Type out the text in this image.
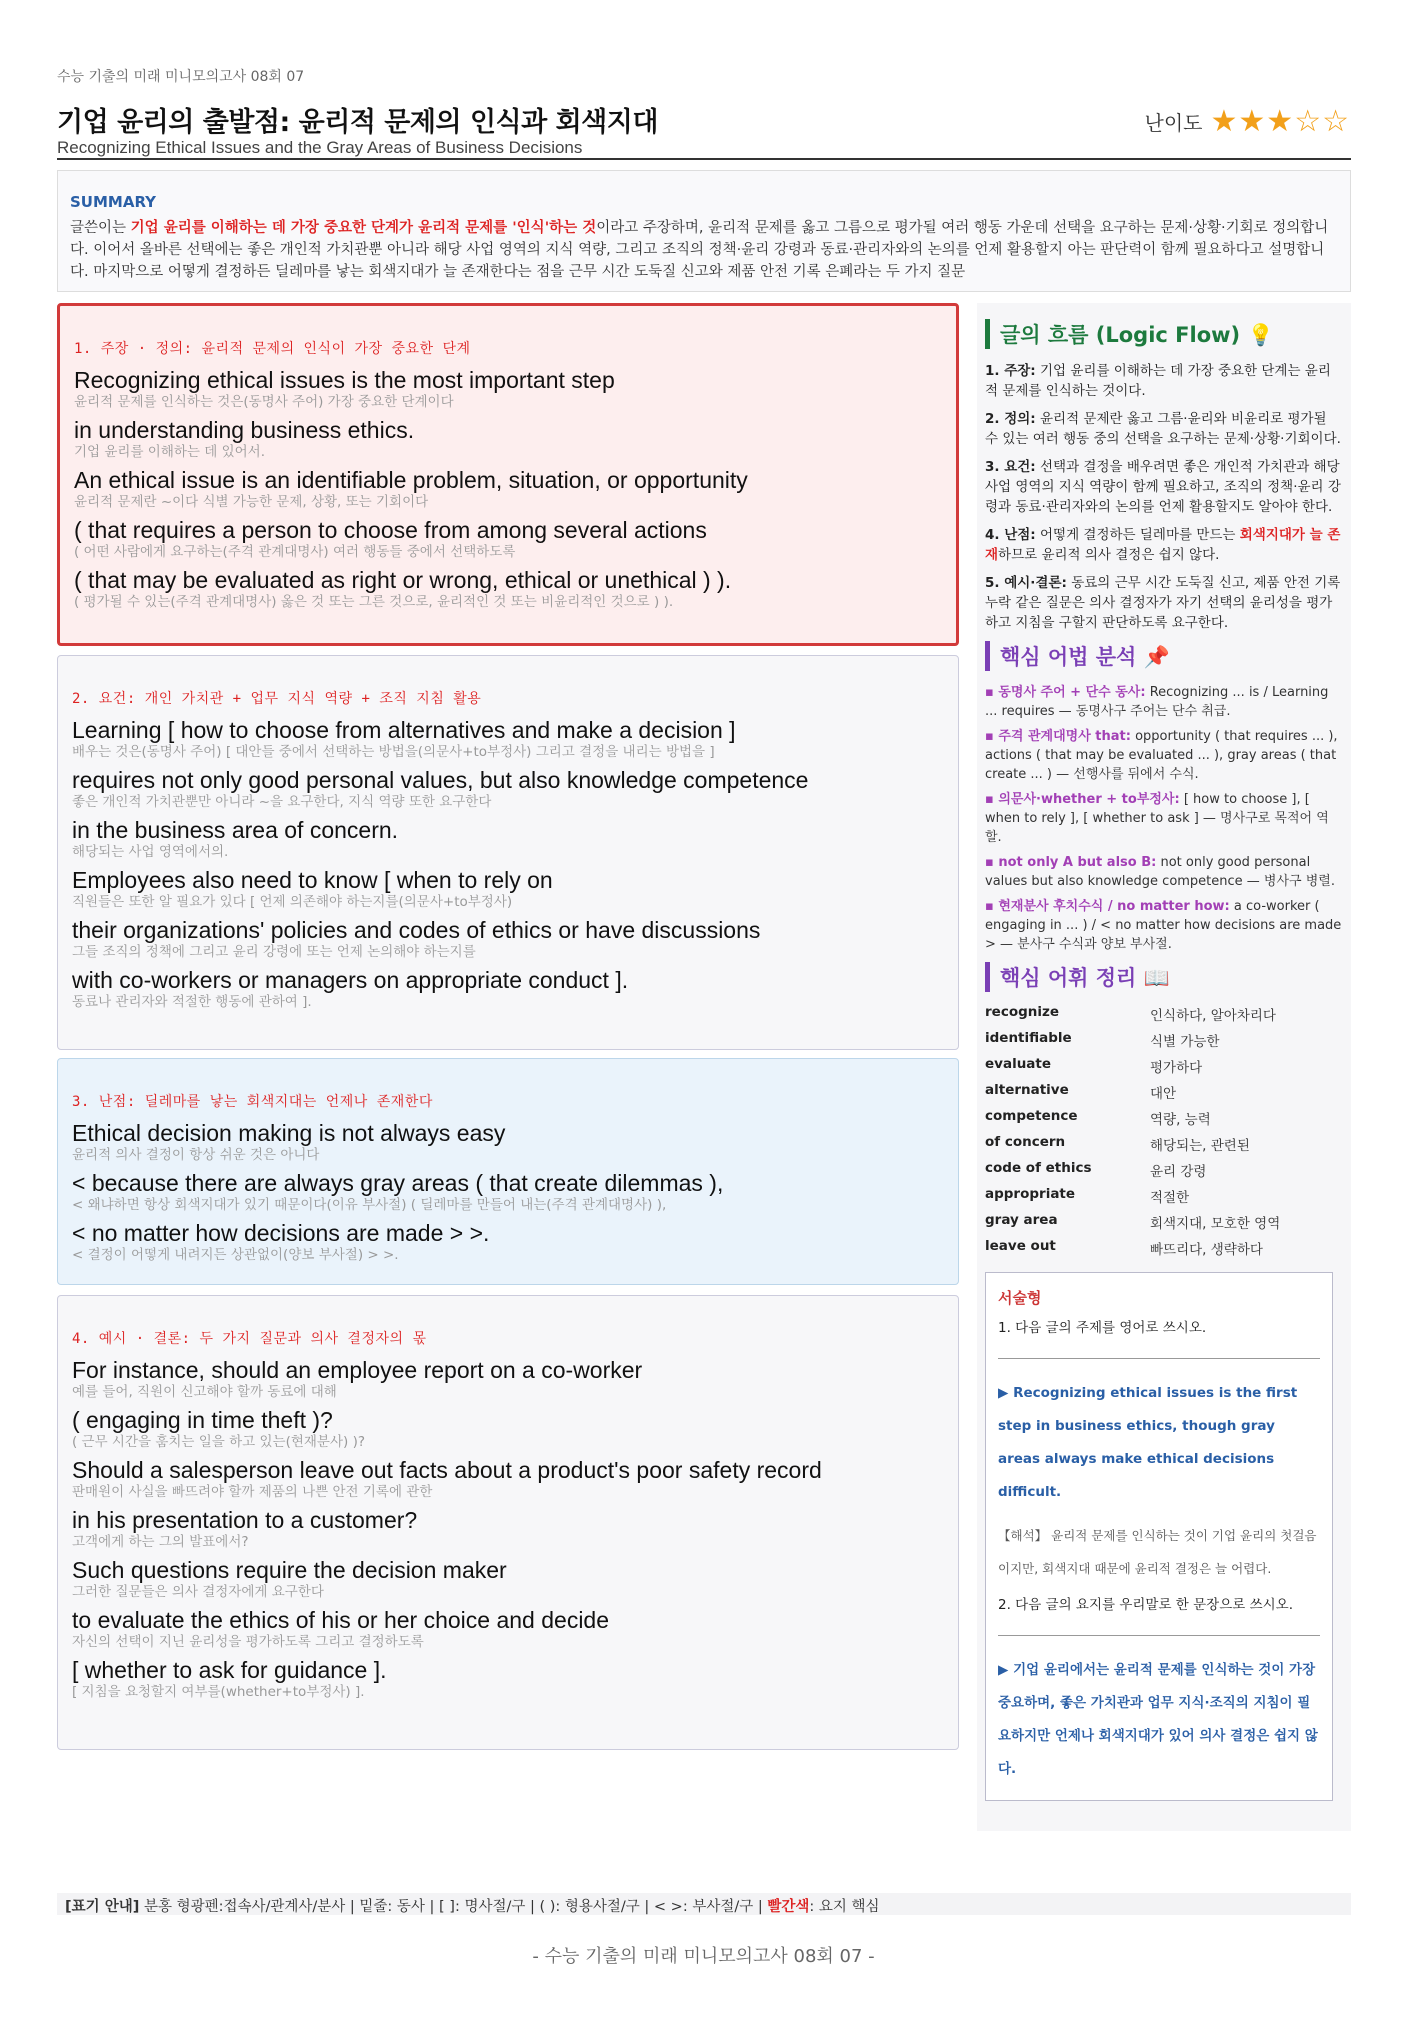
수능 기출의 미래 미니모의고사 08회 07
기업 윤리의 출발점: 윤리적 문제의 인식과 회색지대
Recognizing Ethical Issues and the Gray Areas of Business Decisions
난이도 ★★★☆☆
SUMMARY
글쓴이는 기업 윤리를 이해하는 데 가장 중요한 단계가 윤리적 문제를 '인식'하는 것이라고 주장하며, 윤리적 문제를 옳고 그름으로 평가될 여러 행동 가운데 선택을 요구하는 문제·상황·기회로 정의합니다. 이어서 올바른 선택에는 좋은 개인적 가치관뿐 아니라 해당 사업 영역의 지식 역량, 그리고 조직의 정책·윤리 강령과 동료·관리자와의 논의를 언제 활용할지 아는 판단력이 함께 필요하다고 설명합니다. 마지막으로 어떻게 결정하든 딜레마를 낳는 회색지대가 늘 존재한다는 점을 근무 시간 도둑질 신고와 제품 안전 기록 은폐라는 두 가지 질문
1. 주장 · 정의: 윤리적 문제의 인식이 가장 중요한 단계
Recognizing ethical issues is the most important step
윤리적 문제를 인식하는 것은(동명사 주어) 가장 중요한 단계이다
in understanding business ethics.
기업 윤리를 이해하는 데 있어서.
An ethical issue is an identifiable problem, situation, or opportunity
윤리적 문제란 ~이다 식별 가능한 문제, 상황, 또는 기회이다
( that requires a person to choose from among several actions
( 어떤 사람에게 요구하는(주격 관계대명사) 여러 행동들 중에서 선택하도록
( that may be evaluated as right or wrong, ethical or unethical ) ).
( 평가될 수 있는(주격 관계대명사) 옳은 것 또는 그른 것으로, 윤리적인 것 또는 비윤리적인 것으로 ) ).
2. 요건: 개인 가치관 + 업무 지식 역량 + 조직 지침 활용
Learning [ how to choose from alternatives and make a decision ]
배우는 것은(동명사 주어) [ 대안들 중에서 선택하는 방법을(의문사+to부정사) 그리고 결정을 내리는 방법을 ]
requires not only good personal values, but also knowledge competence
좋은 개인적 가치관뿐만 아니라 ~을 요구한다, 지식 역량 또한 요구한다
in the business area of concern.
해당되는 사업 영역에서의.
Employees also need to know [ when to rely on
직원들은 또한 알 필요가 있다 [ 언제 의존해야 하는지를(의문사+to부정사)
their organizations' policies and codes of ethics or have discussions
그들 조직의 정책에 그리고 윤리 강령에 또는 언제 논의해야 하는지를
with co-workers or managers on appropriate conduct ].
동료나 관리자와 적절한 행동에 관하여 ].
3. 난점: 딜레마를 낳는 회색지대는 언제나 존재한다
Ethical decision making is not always easy
윤리적 의사 결정이 항상 쉬운 것은 아니다
< because there are always gray areas ( that create dilemmas ),
< 왜냐하면 항상 회색지대가 있기 때문이다(이유 부사절) ( 딜레마를 만들어 내는(주격 관계대명사) ),
< no matter how decisions are made > >.
< 결정이 어떻게 내려지든 상관없이(양보 부사절) > >.
4. 예시 · 결론: 두 가지 질문과 의사 결정자의 몫
For instance, should an employee report on a co-worker
예를 들어, 직원이 신고해야 할까 동료에 대해
( engaging in time theft )?
( 근무 시간을 훔치는 일을 하고 있는(현재분사) )?
Should a salesperson leave out facts about a product's poor safety record
판매원이 사실을 빠뜨려야 할까 제품의 나쁜 안전 기록에 관한
in his presentation to a customer?
고객에게 하는 그의 발표에서?
Such questions require the decision maker
그러한 질문들은 의사 결정자에게 요구한다
to evaluate the ethics of his or her choice and decide
자신의 선택이 지닌 윤리성을 평가하도록 그리고 결정하도록
[ whether to ask for guidance ].
[ 지침을 요청할지 여부를(whether+to부정사) ].
글의 흐름 (Logic Flow) 💡
1. 주장: 기업 윤리를 이해하는 데 가장 중요한 단계는 윤리적 문제를 인식하는 것이다.
2. 정의: 윤리적 문제란 옳고 그름·윤리와 비윤리로 평가될 수 있는 여러 행동 중의 선택을 요구하는 문제·상황·기회이다.
3. 요건: 선택과 결정을 배우려면 좋은 개인적 가치관과 해당 사업 영역의 지식 역량이 함께 필요하고, 조직의 정책·윤리 강령과 동료·관리자와의 논의를 언제 활용할지도 알아야 한다.
4. 난점: 어떻게 결정하든 딜레마를 만드는 회색지대가 늘 존재하므로 윤리적 의사 결정은 쉽지 않다.
5. 예시·결론: 동료의 근무 시간 도둑질 신고, 제품 안전 기록 누락 같은 질문은 의사 결정자가 자기 선택의 윤리성을 평가하고 지침을 구할지 판단하도록 요구한다.
핵심 어법 분석 📌
▪ 동명사 주어 + 단수 동사: Recognizing ... is / Learning ... requires — 동명사구 주어는 단수 취급.
▪ 주격 관계대명사 that: opportunity ( that requires ... ), actions ( that may be evaluated ... ), gray areas ( that create ... ) — 선행사를 뒤에서 수식.
▪ 의문사·whether + to부정사: [ how to choose ], [ when to rely ], [ whether to ask ] — 명사구로 목적어 역할.
▪ not only A but also B: not only good personal values but also knowledge competence — 병사구 병렬.
▪ 현재분사 후치수식 / no matter how: a co-worker ( engaging in ... ) / < no matter how decisions are made > — 분사구 수식과 양보 부사절.
핵심 어휘 정리 📖
recognize	인식하다, 알아차리다
identifiable	식별 가능한
evaluate	평가하다
alternative	대안
competence	역량, 능력
of concern	해당되는, 관련된
code of ethics	윤리 강령
appropriate	적절한
gray area	회색지대, 모호한 영역
leave out	빠뜨리다, 생략하다
서술형
1. 다음 글의 주제를 영어로 쓰시오.
▶ Recognizing ethical issues is the first step in business ethics, though gray areas always make ethical decisions difficult.
【해석】 윤리적 문제를 인식하는 것이 기업 윤리의 첫걸음이지만, 회색지대 때문에 윤리적 결정은 늘 어렵다.
2. 다음 글의 요지를 우리말로 한 문장으로 쓰시오.
▶ 기업 윤리에서는 윤리적 문제를 인식하는 것이 가장 중요하며, 좋은 가치관과 업무 지식·조직의 지침이 필요하지만 언제나 회색지대가 있어 의사 결정은 쉽지 않다.
[표기 안내] 분홍 형광펜:접속사/관계사/분사 | 밑줄: 동사 | [ ]: 명사절/구 | ( ): 형용사절/구 | < >: 부사절/구 | 빨간색: 요지 핵심
- 수능 기출의 미래 미니모의고사 08회 07 -
